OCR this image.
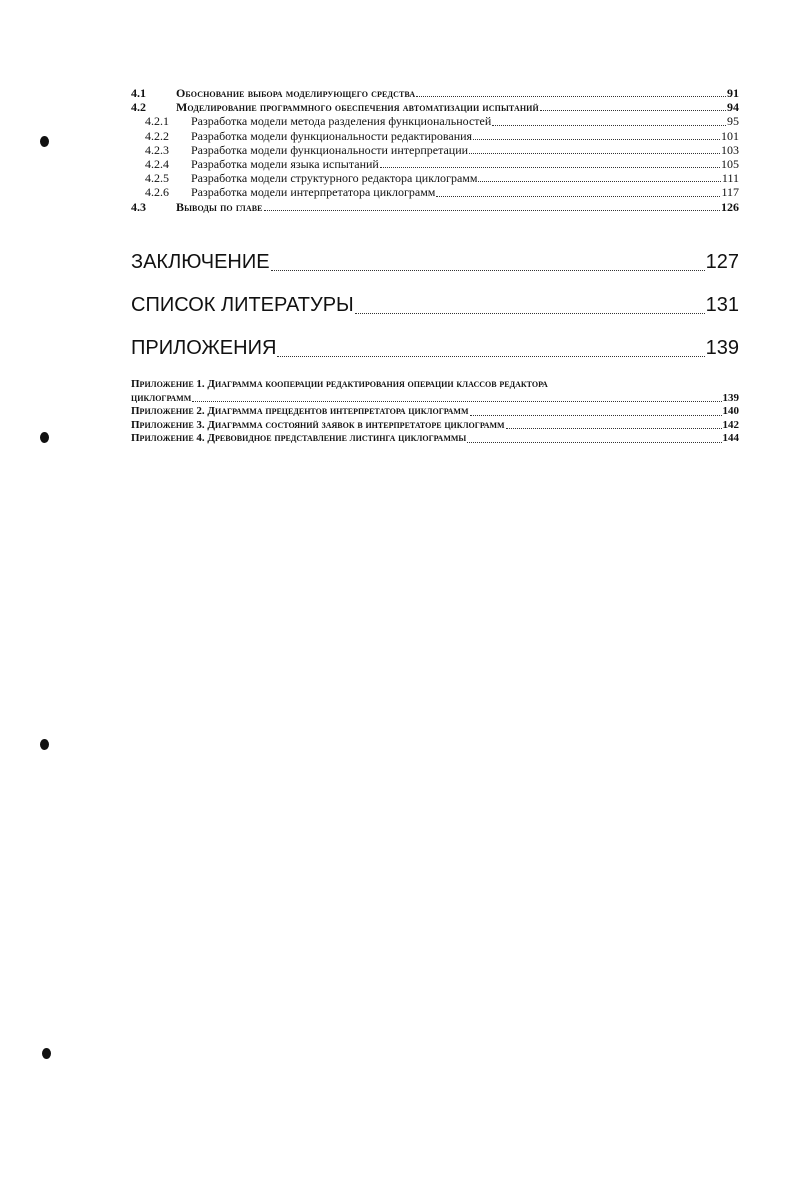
4.1	Обоснование выбора моделирующего средства	91
4.2	Моделирование программного обеспечения автоматизации испытаний	94
4.2.1	Разработка модели метода разделения функциональностей	95
4.2.2	Разработка модели функциональности редактирования	101
4.2.3	Разработка модели функциональности интерпретации	103
4.2.4	Разработка модели языка испытаний	105
4.2.5	Разработка модели структурного редактора циклограмм	111
4.2.6	Разработка модели интерпретатора циклограмм	117
4.3	Выводы по главе	126
ЗАКЛЮЧЕНИЕ	127
СПИСОК ЛИТЕРАТУРЫ	131
ПРИЛОЖЕНИЯ	139
Приложение 1. Диаграмма кооперации редактирования операции классов редактора
циклограмм	139
Приложение 2. Диаграмма прецедентов интерпретатора циклограмм	140
Приложение 3. Диаграмма состояний заявок в интерпретаторе циклограмм	142
Приложение 4. Древовидное представление листинга циклограммы	144
